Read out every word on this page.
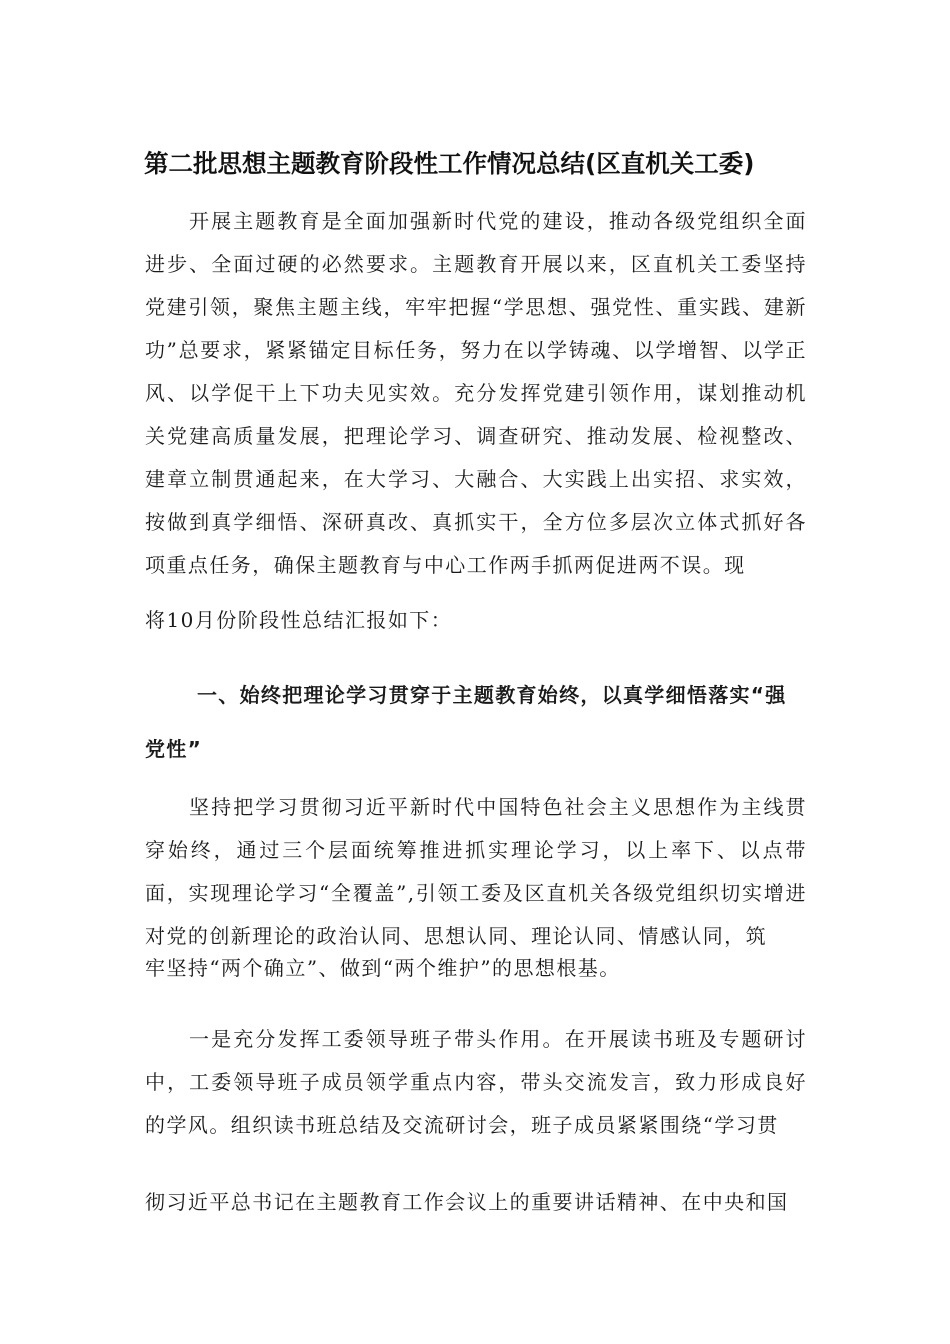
第二批思想主题教育阶段性工作情况总结(区直机关工委)

开展主题教育是全面加强新时代党的建设，推动各级党组织全面进步、全面过硬的必然要求。主题教育开展以来，区直机关工委坚持党建引领，聚焦主题主线，牢牢把握“学思想、强党性、重实践、建新功”总要求，紧紧锚定目标任务，努力在以学铸魂、以学增智、以学正风、以学促干上下功夫见实效。充分发挥党建引领作用，谋划推动机关党建高质量发展，把理论学习、调查研究、推动发展、检视整改、建章立制贯通起来，在大学习、大融合、大实践上出实招、求实效，按做到真学细悟、深研真改、真抓实干，全方位多层次立体式抓好各项重点任务，确保主题教育与中心工作两手抓两促进两不误。现

将10月份阶段性总结汇报如下：

一、始终把理论学习贯穿于主题教育始终，以真学细悟落实“强党性”

坚持把学习贯彻习近平新时代中国特色社会主义思想作为主线贯穿始终，通过三个层面统筹推进抓实理论学习，以上率下、以点带面，实现理论学习“全覆盖”,引领工委及区直机关各级党组织切实增进对党的创新理论的政治认同、思想认同、理论认同、情感认同，筑

牢坚持“两个确立”、做到“两个维护”的思想根基。

一是充分发挥工委领导班子带头作用。在开展读书班及专题研讨中，工委领导班子成员领学重点内容，带头交流发言，致力形成良好的学风。组织读书班总结及交流研讨会，班子成员紧紧围绕“学习贯

彻习近平总书记在主题教育工作会议上的重要讲话精神、在中央和国
